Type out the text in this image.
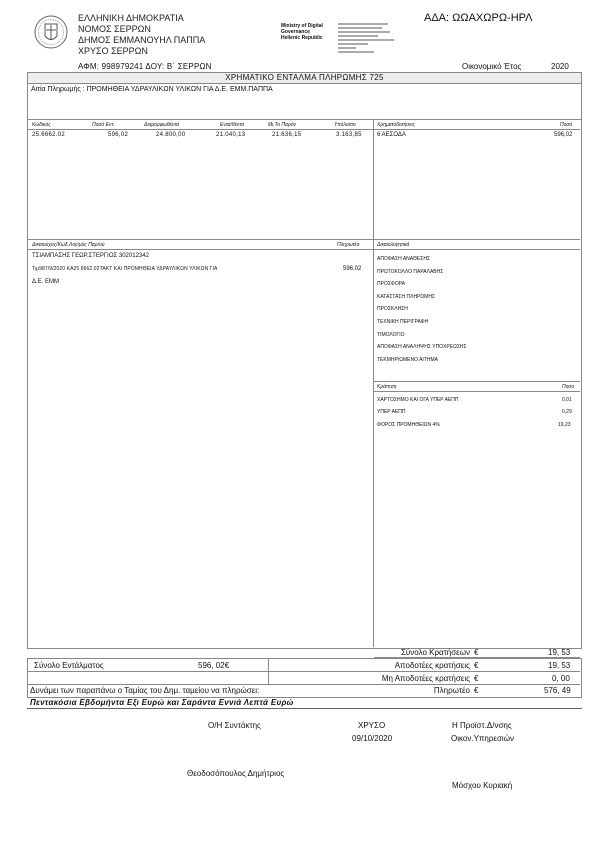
ΕΛΛΗΝΙΚΗ ΔΗΜΟΚΡΑΤΙΑ
ΝΟΜΟΣ ΣΕΡΡΩΝ
ΔΗΜΟΣ ΕΜΜΑΝΟΥΗΛ ΠΑΠΠΑ
ΧΡΥΣΟ ΣΕΡΡΩΝ
ΑΦΜ: 998979241 ΔΟΥ: Β΄ ΣΕΡΡΩΝ
Ministry of Digital
Governance
Hellenic Republic
ΑΔΑ: ΩΩΑΧΩΡΩ-ΗΡΛ
Οικονομικό Έτος	2020
ΧΡΗΜΑΤΙΚΟ ΕΝΤΑΛΜΑ ΠΛΗΡΩΜΗΣ 725
Αιτία Πληρωμής : ΠΡΟΜΗΘΕΙΑ ΥΔΡΑΥΛΙΚΩΝ ΥΛΙΚΩΝ ΓΙΑ Δ.Ε. ΕΜΜ.ΠΑΠΠΑ
Κωδικός	Ποσό Εντ.	Διαμορφωθέντα	Εντα/θέντα	Μι.Το Παρόν	Υπόλοιπο
25.6662.02	596,02	24.800,00	21.040,13	21.636,15	3.163,85
Χρηματοδοτήσεις	Ποσό
6 ΑΕΣΟΔΑ	596,02
Δικαιούχος/Κωδ.Λογ/μός Παρ/ού	Πληρωτέο
ΤΣΙΑΜΠΑΣΗΣ ΓΕΩΡ.ΣΤΕΡΓΙΟΣ 302012342
Τιμ987/9/2020 ΚΑ25.6662.02ΤΑΚΤ ΚΑΙ ΠΡΟΜΗΘΕΙΑ ΥΔΡΑΥΛΙΚΩΝ ΥΛΙΚΩΝ ΓΙΑ	596,02
Δ.Ε. ΕΜΜ
Δικαιολογητικά
ΑΠΟΦΑΣΗ ΑΝΑΘΕΣΗΣ
ΠΡΩΤΟΚΟΛΛΟ ΠΑΡΑΛΑΒΗΣ
ΠΡΟΣΦΟΡΑ
ΚΑΤΑΣΤΑΣΗ ΠΛΗΡΩΜΗΣ
ΠΡΟΣΚΛΗΣΗ
ΤΕΧΝΙΚΗ ΠΕΡΙΓΡΑΦΗ
ΤΙΜΟΛΟΓΙΟ
ΑΠΟΦΑΣΗ ΑΝΑΛΗΨΗΣ ΥΠΟΧΡΕΩΣΗΣ
ΤΕΚΜΗΡΙΩΜΕΝΟ ΑΙΤΗΜΑ
Κράτηση	Ποσό
ΧΑΡΤΟΣΗΜΟ ΚΑΙ ΟΓΑ ΥΠΕΡ ΑΕΠΠ	0,01
ΥΠΕΡ ΑΕΠΠ	0,29
ΦΟΡΟΣ ΠΡΟΜΗΘΕΙΩΝ 4%	19,23
Σύνολο Κρατήσεων €	19, 53
Σύνολο Εντάλματος	596, 02€	Αποδοτέες κρατήσεις €	19, 53
Μη Αποδοτέες κρατήσεις €	0, 00
Δυνάμει των παραπάνω ο Ταμίας του Δημ. ταμείου να πληρώσει:	Πληρωτέο €	576, 49
Πεντακόσια Εβδομήντα Εξι Ευρώ και Σαράντα Εννιά Λεπτά Ευρώ
Ο/Η Συντάκτης	ΧΡΥΣΟ
09/10/2020
Η Προϊστ.Δ/νσης
Οικον.Υπηρεσιών
Θεοδοσόπουλος Δημήτριος
Μόσχου Κυριακή
